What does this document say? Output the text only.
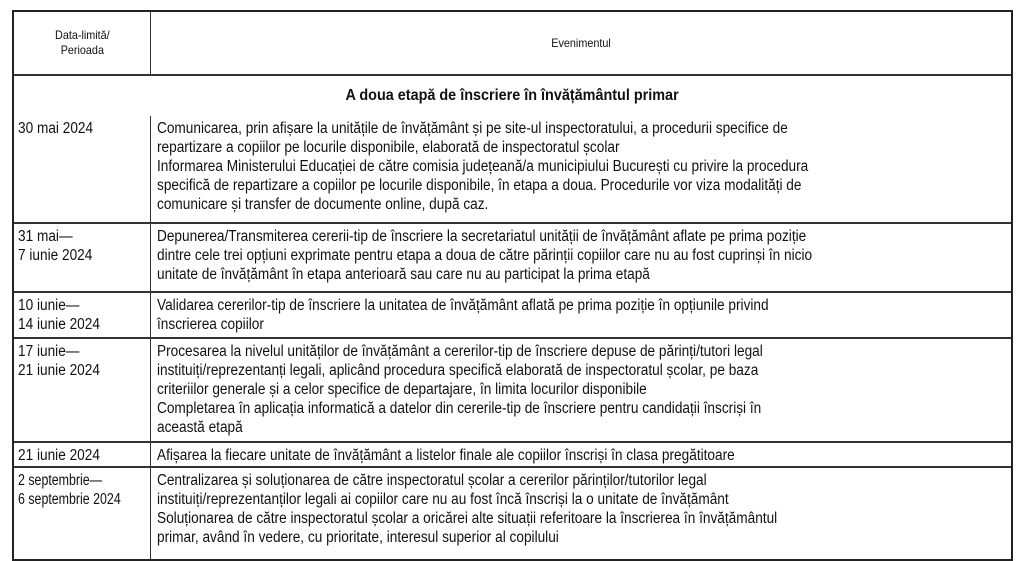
Data-limită/
Perioada
Evenimentul
A doua etapă de înscriere în învățământul primar
30 mai 2024	Comunicarea, prin afișare la unitățile de învățământ și pe site-ul inspectoratului, a procedurii specifice de
repartizare a copiilor pe locurile disponibile, elaborată de inspectoratul școlar
Informarea Ministerului Educației de către comisia județeană/a municipiului București cu privire la procedura
specifică de repartizare a copiilor pe locurile disponibile, în etapa a doua. Procedurile vor viza modalități de
comunicare și transfer de documente online, după caz.
31 mai—
7 iunie 2024
Depunerea/Transmiterea cererii-tip de înscriere la secretariatul unității de învățământ aflate pe prima poziție
dintre cele trei opțiuni exprimate pentru etapa a doua de către părinții copiilor care nu au fost cuprinși în nicio
unitate de învățământ în etapa anterioară sau care nu au participat la prima etapă
10 iunie—
14 iunie 2024
Validarea cererilor-tip de înscriere la unitatea de învățământ aflată pe prima poziție în opțiunile privind
înscrierea copiilor
17 iunie—
21 iunie 2024
Procesarea la nivelul unităților de învățământ a cererilor-tip de înscriere depuse de părinți/tutori legal
instituiți/reprezentanți legali, aplicând procedura specifică elaborată de inspectoratul școlar, pe baza
criteriilor generale și a celor specifice de departajare, în limita locurilor disponibile
Completarea în aplicația informatică a datelor din cererile-tip de înscriere pentru candidații înscriși în
această etapă
21 iunie 2024	Afișarea la fiecare unitate de învățământ a listelor finale ale copiilor înscriși în clasa pregătitoare
2 septembrie—
6 septembrie 2024
Centralizarea și soluționarea de către inspectoratul școlar a cererilor părinților/tutorilor legal
instituiți/reprezentanților legali ai copiilor care nu au fost încă înscriși la o unitate de învățământ
Soluționarea de către inspectoratul școlar a oricărei alte situații referitoare la înscrierea în învățământul
primar, având în vedere, cu prioritate, interesul superior al copilului
